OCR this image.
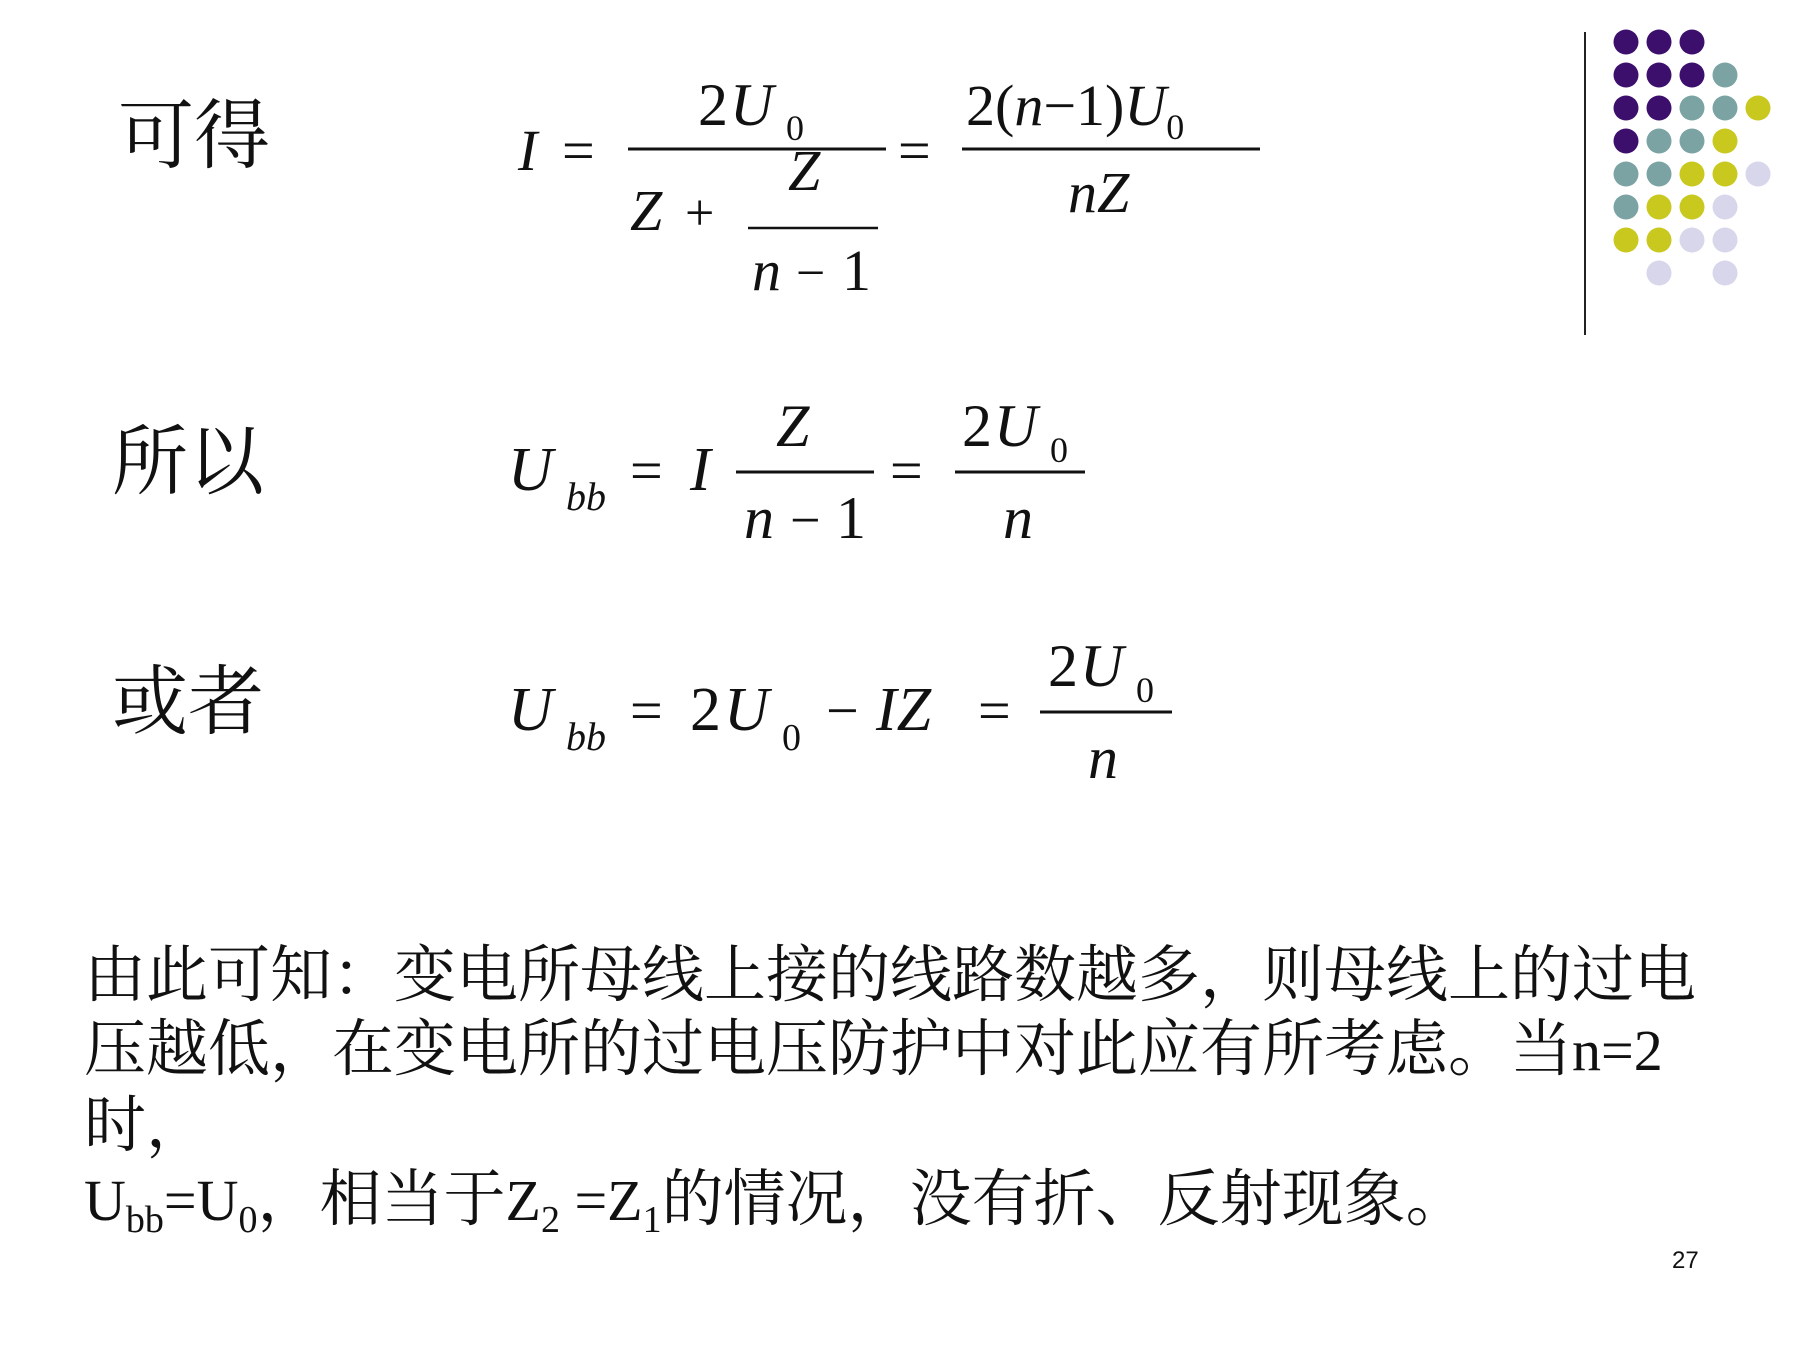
可得
所以
或者
I =
2 U 0
Z +
Z
n − 1
=
$2(n-1)U_0$
nZ
U bb = I
Z
n − 1
=
2 U 0
n
U bb = 2 U 0 − IZ =
2 U 0
n
由此可知：变电所母线上接的线路数越多，则母线上的过电
压越低，在变电所的过电压防护中对此应有所考虑。当n=2时，
$U_{bb}=U_0$，相当于$Z_2 =Z_1$的情况，没有折、反射现象。
27
